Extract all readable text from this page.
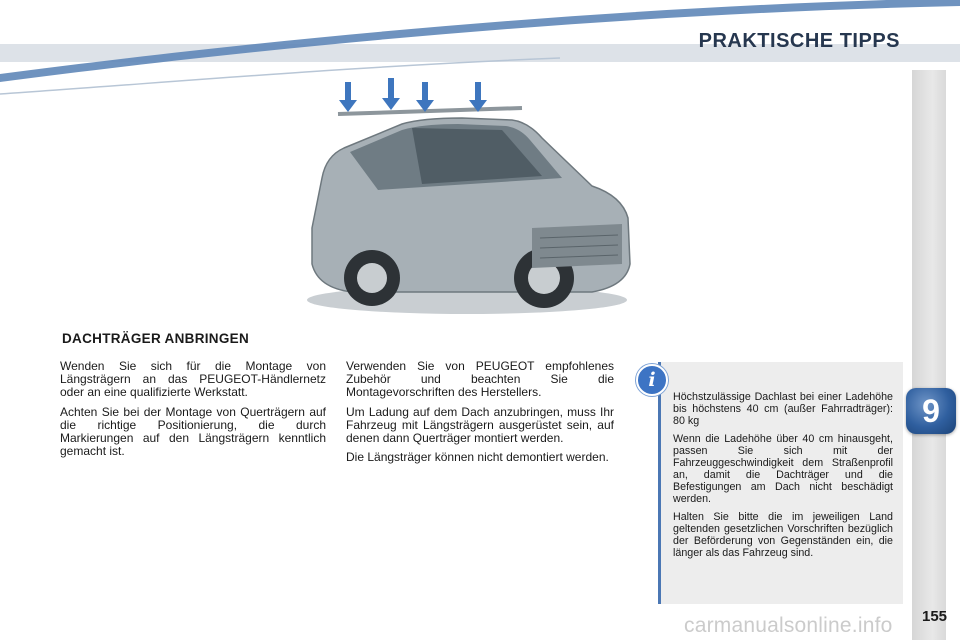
PRAKTISCHE TIPPS
9
DACHTRÄGER ANBRINGEN

Wenden Sie sich für die Montage von Längsträgern an das PEUGEOT-Händlernetz oder an eine qualifizierte Werkstatt.

Achten Sie bei der Montage von Querträgern auf die richtige Positionierung, die durch Markierungen auf den Längsträgern kenntlich gemacht ist.

Verwenden Sie von PEUGEOT empfohlenes Zubehör und beachten Sie die Montagevorschriften des Herstellers.

Um Ladung auf dem Dach anzubringen, muss Ihr Fahrzeug mit Längsträgern ausgerüstet sein, auf denen dann Querträger montiert werden.

Die Längsträger können nicht demontiert werden.

i

Höchstzulässige Dachlast bei einer Ladehöhe bis höchstens 40 cm (außer Fahrradträger): 80 kg

Wenn die Ladehöhe über 40 cm hinausgeht, passen Sie sich mit der Fahrzeuggeschwindigkeit dem Straßenprofil an, damit die Dachträger und die Befestigungen am Dach nicht beschädigt werden.

Halten Sie bitte die im jeweiligen Land geltenden gesetzlichen Vorschriften bezüglich der Beförderung von Gegenständen ein, die länger als das Fahrzeug sind.

carmanualsonline.info 155
